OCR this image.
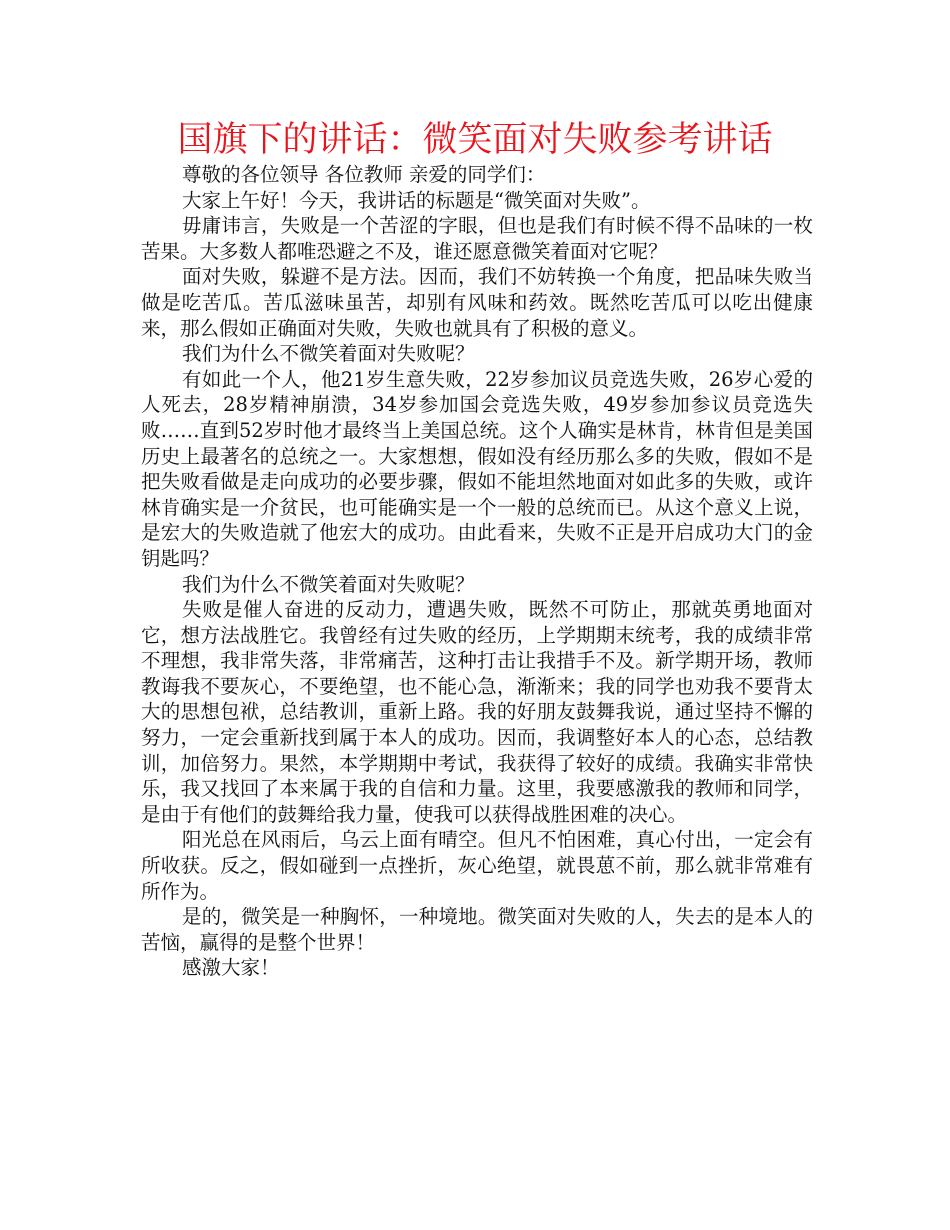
国旗下的讲话：微笑面对失败参考讲话

尊敬的各位领导 各位教师 亲爱的同学们：

大家上午好！今天，我讲话的标题是“微笑面对失败”。

毋庸讳言，失败是一个苦涩的字眼，但也是我们有时候不得不品味的一枚苦果。大多数人都唯恐避之不及，谁还愿意微笑着面对它呢？

面对失败，躲避不是方法。因而，我们不妨转换一个角度，把品味失败当做是吃苦瓜。苦瓜滋味虽苦，却别有风味和药效。既然吃苦瓜可以吃出健康来，那么假如正确面对失败，失败也就具有了积极的意义。

我们为什么不微笑着面对失败呢？

有如此一个人，他21岁生意失败，22岁参加议员竞选失败，26岁心爱的人死去，28岁精神崩溃，34岁参加国会竞选失败，49岁参加参议员竞选失败……直到52岁时他才最终当上美国总统。这个人确实是林肯，林肯但是美国历史上最著名的总统之一。大家想想，假如没有经历那么多的失败，假如不是把失败看做是走向成功的必要步骤，假如不能坦然地面对如此多的失败，或许林肯确实是一介贫民，也可能确实是一个一般的总统而已。从这个意义上说，是宏大的失败造就了他宏大的成功。由此看来，失败不正是开启成功大门的金钥匙吗？

我们为什么不微笑着面对失败呢？

失败是催人奋进的反动力，遭遇失败，既然不可防止，那就英勇地面对它，想方法战胜它。我曾经有过失败的经历，上学期期末统考，我的成绩非常不理想，我非常失落，非常痛苦，这种打击让我措手不及。新学期开场，教师教诲我不要灰心，不要绝望，也不能心急，渐渐来；我的同学也劝我不要背太大的思想包袱，总结教训，重新上路。我的好朋友鼓舞我说，通过坚持不懈的努力，一定会重新找到属于本人的成功。因而，我调整好本人的心态，总结教训，加倍努力。果然，本学期期中考试，我获得了较好的成绩。我确实非常快乐，我又找回了本来属于我的自信和力量。这里，我要感激我的教师和同学，是由于有他们的鼓舞给我力量，使我可以获得战胜困难的决心。

阳光总在风雨后，乌云上面有晴空。但凡不怕困难，真心付出，一定会有所收获。反之，假如碰到一点挫折，灰心绝望，就畏葸不前，那么就非常难有所作为。

是的，微笑是一种胸怀，一种境地。微笑面对失败的人，失去的是本人的苦恼，赢得的是整个世界！

感激大家！
